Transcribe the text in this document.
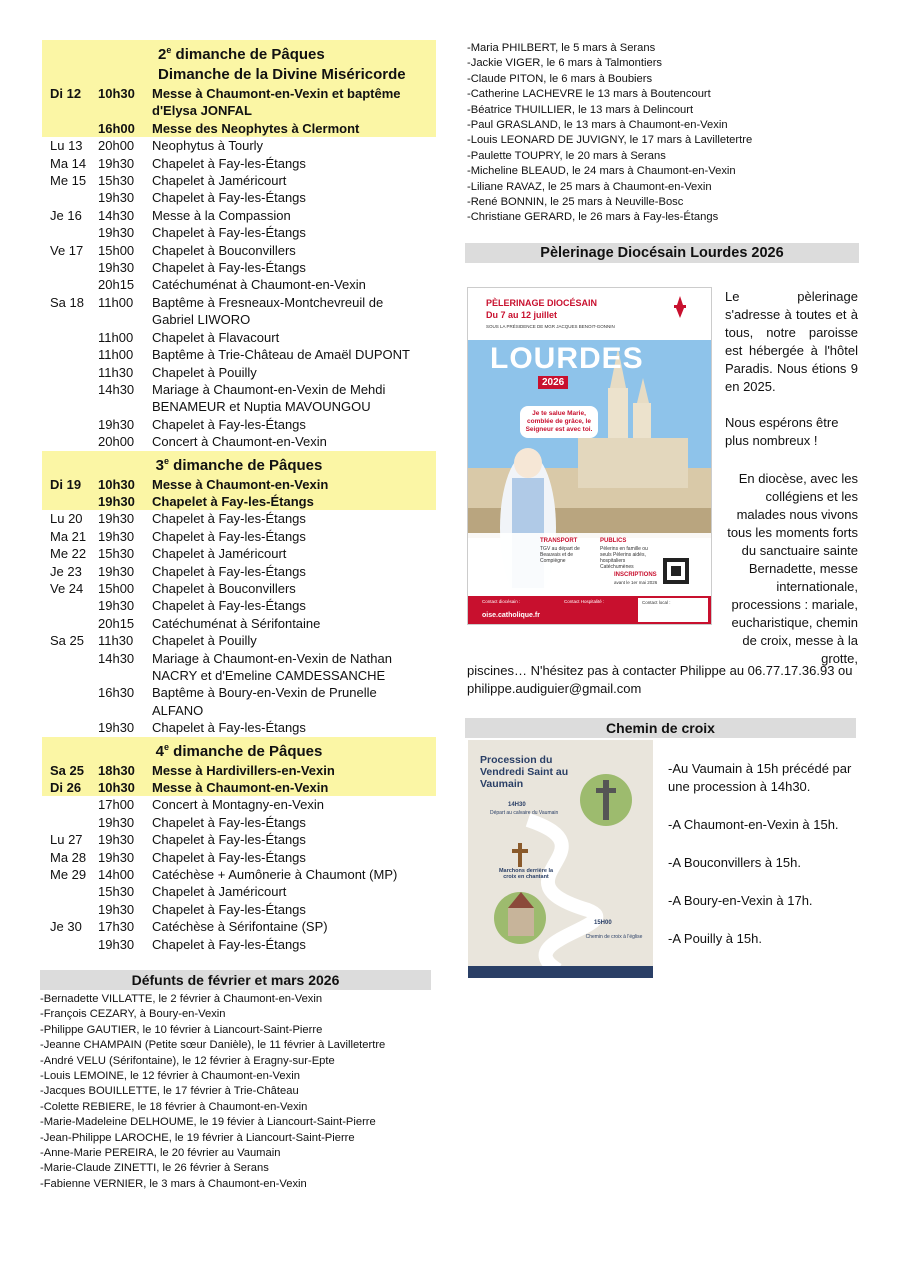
2e dimanche de Pâques
Dimanche de la Divine Miséricorde
Di 12	10h30	Messe à Chaumont-en-Vexin et baptême
d'Elysa JONFAL
16h00	Messe des Neophytes à Clermont
Lu 13	20h00	Neophytus à Tourly
Ma 14 19h30	Chapelet à Fay-les-Étangs
Me 15 15h30	Chapelet à Jaméricourt
19h30	Chapelet à Fay-les-Étangs
Je 16	14h30	Messe à la Compassion
19h30	Chapelet à Fay-les-Étangs
Ve 17	15h00	Chapelet à Bouconvillers
19h30	Chapelet à Fay-les-Étangs
20h15	Catéchuménat à Chaumont-en-Vexin
Sa 18	11h00	Baptême à Fresneaux-Montchevreuil de
Gabriel LIWORO
11h00	Chapelet à Flavacourt
11h00	Baptême à Trie-Château de Amaël DUPONT
11h30	Chapelet à Pouilly
14h30	Mariage à Chaumont-en-Vexin de Mehdi
BENAMEUR et Nuptia MAVOUNGOU
19h30	Chapelet à Fay-les-Étangs
20h00	Concert à Chaumont-en-Vexin
3e dimanche de Pâques
Di 19	10h30	Messe à Chaumont-en-Vexin
19h30	Chapelet à Fay-les-Étangs
Lu 20	19h30	Chapelet à Fay-les-Étangs
Ma 21 19h30	Chapelet à Fay-les-Étangs
Me 22 15h30	Chapelet à Jaméricourt
Je 23	19h30	Chapelet à Fay-les-Étangs
Ve 24	15h00	Chapelet à Bouconvillers
19h30	Chapelet à Fay-les-Étangs
20h15	Catéchuménat à Sérifontaine
Sa 25	11h30	Chapelet à Pouilly
14h30	Mariage à Chaumont-en-Vexin de Nathan
NACRY et d'Emeline CAMDESSANCHE
16h30	Baptême à Boury-en-Vexin de Prunelle
ALFANO
19h30	Chapelet à Fay-les-Étangs
4e dimanche de Pâques
Sa 25	18h30	Messe à Hardivillers-en-Vexin
Di 26	10h30	Messe à Chaumont-en-Vexin
17h00	Concert à Montagny-en-Vexin
19h30	Chapelet à Fay-les-Étangs
Lu 27	19h30	Chapelet à Fay-les-Étangs
Ma 28 19h30	Chapelet à Fay-les-Étangs
Me 29 14h00	Catéchèse + Aumônerie à Chaumont (MP)
15h30	Chapelet à Jaméricourt
19h30	Chapelet à Fay-les-Étangs
Je 30	17h30	Catéchèse à Sérifontaine (SP)
19h30	Chapelet à Fay-les-Étangs
Défunts de février et mars 2026
-Bernadette VILLATTE, le 2 février à Chaumont-en-Vexin
-François CEZARY, à Boury-en-Vexin
-Philippe GAUTIER, le 10 février à Liancourt-Saint-Pierre
-Jeanne CHAMPAIN (Petite sœur Danièle), le 11 février à Lavilletertre
-André VELU (Sérifontaine), le 12 février à Eragny-sur-Epte
-Louis LEMOINE, le 12 février à Chaumont-en-Vexin
-Jacques BOUILLETTE, le 17 février à Trie-Château
-Colette REBIERE, le 18 février à Chaumont-en-Vexin
-Marie-Madeleine DELHOUME, le 19 févier à Liancourt-Saint-Pierre
-Jean-Philippe LAROCHE, le 19 février à Liancourt-Saint-Pierre
-Anne-Marie PEREIRA, le 20 février au Vaumain
-Marie-Claude ZINETTI, le 26 février à Serans
-Fabienne VERNIER, le 3 mars à Chaumont-en-Vexin
-Maria PHILBERT, le 5 mars à Serans
-Jackie VIGER, le 6 mars à Talmontiers
-Claude PITON, le 6 mars à Boubiers
-Catherine LACHEVRE le 13 mars à Boutencourt
-Béatrice THUILLIER, le 13 mars à Delincourt
-Paul GRASLAND, le 13 mars à Chaumont-en-Vexin
-Louis LEONARD DE JUVIGNY, le 17 mars à Lavilletertre
-Paulette TOUPRY, le 20 mars à Serans
-Micheline BLEAUD, le 24 mars à Chaumont-en-Vexin
-Liliane RAVAZ, le 25 mars à Chaumont-en-Vexin
-René BONNIN, le 25 mars à Neuville-Bosc
-Christiane GERARD, le 26 mars à Fay-les-Étangs
Pèlerinage Diocésain Lourdes 2026
PÈLERINAGE DIOCÉSAIN
Du 7 au 12 juillet
SOUS LA PRÉSIDENCE DE MGR JACQUES BENOIT-GONNIN
LOURDES
2026
Je te salue Marie, comblée de grâce, le Seigneur est avec toi.
TRANSPORT
TGV au départ de Beauvais et de Compiègne
PUBLICS
Pèlerins en famille ou seuls Pèlerins aidés, hospitaliers Catéchumènes
INSCRIPTIONS
avant le 1er mai 2026
Contact diocésain :	Contact Hospitalité :	Contact local :
oise.catholique.fr
Le pèlerinage s'adresse à toutes et à tous, notre paroisse est hébergée à l'hôtel Paradis. Nous étions 9 en 2025.
Nous espérons être plus nombreux !
En diocèse, avec les collégiens et les malades nous vivons tous les moments forts du sanctuaire sainte Bernadette, messe internationale, processions : mariale, eucharistique, chemin de croix, messe à la grotte,
piscines… N'hésitez pas à contacter Philippe au 06.77.17.36.93 ou philippe.audiguier@gmail.com
Chemin de croix
Procession du Vendredi Saint au Vaumain
14H30
Départ au calvaire du Vaumain
Marchons derrière la croix en chantant
15H00
Chemin de croix à l'église
-Au Vaumain à 15h précédé par une procession à 14h30.
-A Chaumont-en-Vexin à 15h.
-A Bouconvillers à 15h.
-A Boury-en-Vexin à 17h.
-A Pouilly à 15h.
